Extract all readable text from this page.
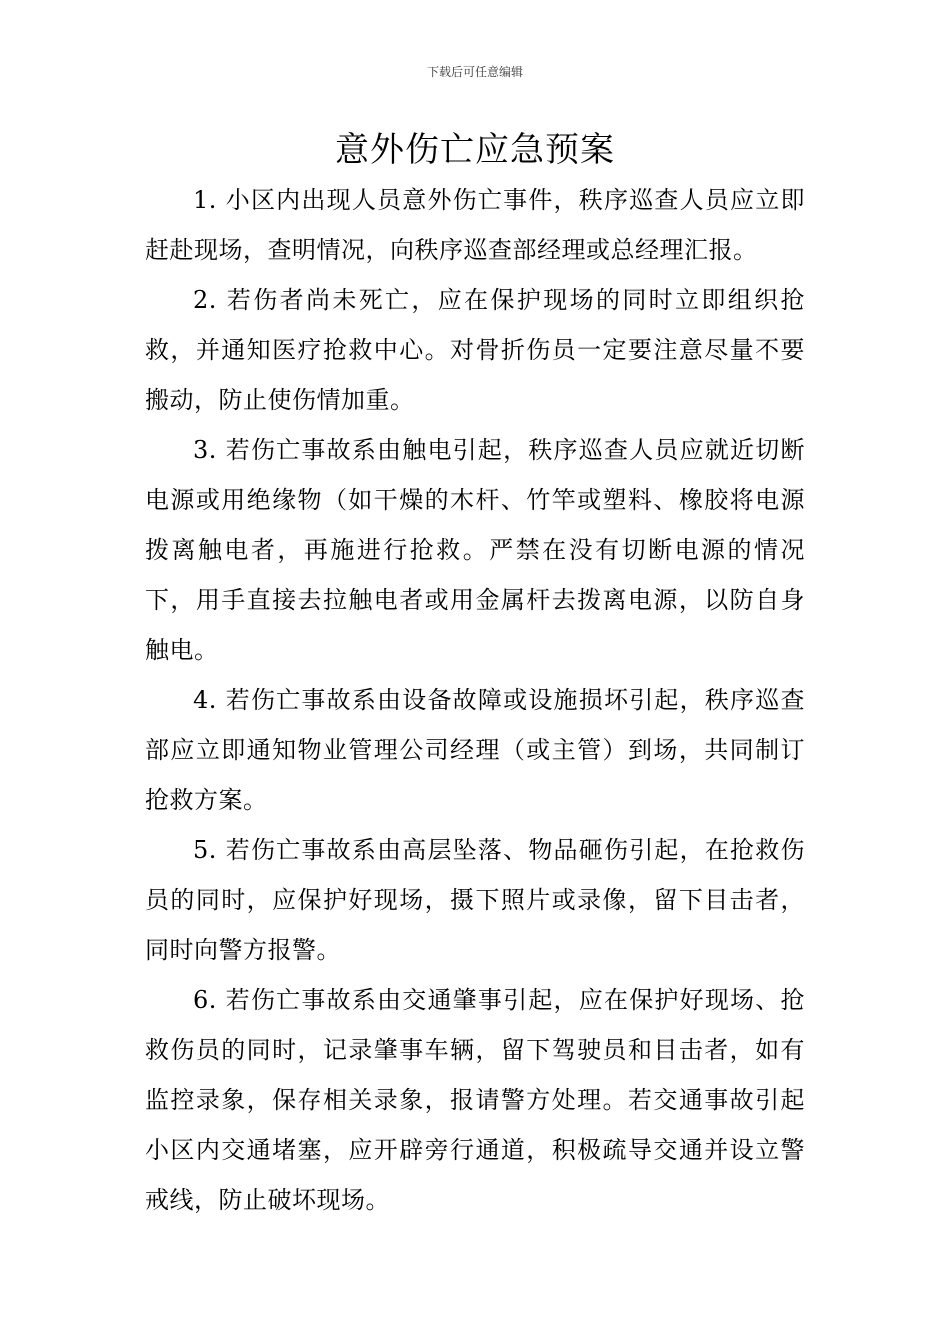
下载后可任意编辑
意外伤亡应急预案

1. 小区内出现人员意外伤亡事件，秩序巡查人员应立即赶赴现场，查明情况，向秩序巡查部经理或总经理汇报。

2. 若伤者尚未死亡，应在保护现场的同时立即组织抢救，并通知医疗抢救中心。对骨折伤员一定要注意尽量不要搬动，防止使伤情加重。

3. 若伤亡事故系由触电引起，秩序巡查人员应就近切断电源或用绝缘物（如干燥的木杆、竹竿或塑料、橡胶将电源拨离触电者，再施进行抢救。严禁在没有切断电源的情况下，用手直接去拉触电者或用金属杆去拨离电源，以防自身触电。

4. 若伤亡事故系由设备故障或设施损坏引起，秩序巡查部应立即通知物业管理公司经理（或主管）到场，共同制订抢救方案。

5. 若伤亡事故系由高层坠落、物品砸伤引起，在抢救伤员的同时，应保护好现场，摄下照片或录像，留下目击者，同时向警方报警。

6. 若伤亡事故系由交通肇事引起，应在保护好现场、抢救伤员的同时，记录肇事车辆，留下驾驶员和目击者，如有监控录象，保存相关录象，报请警方处理。若交通事故引起小区内交通堵塞，应开辟旁行通道，积极疏导交通并设立警戒线，防止破坏现场。
